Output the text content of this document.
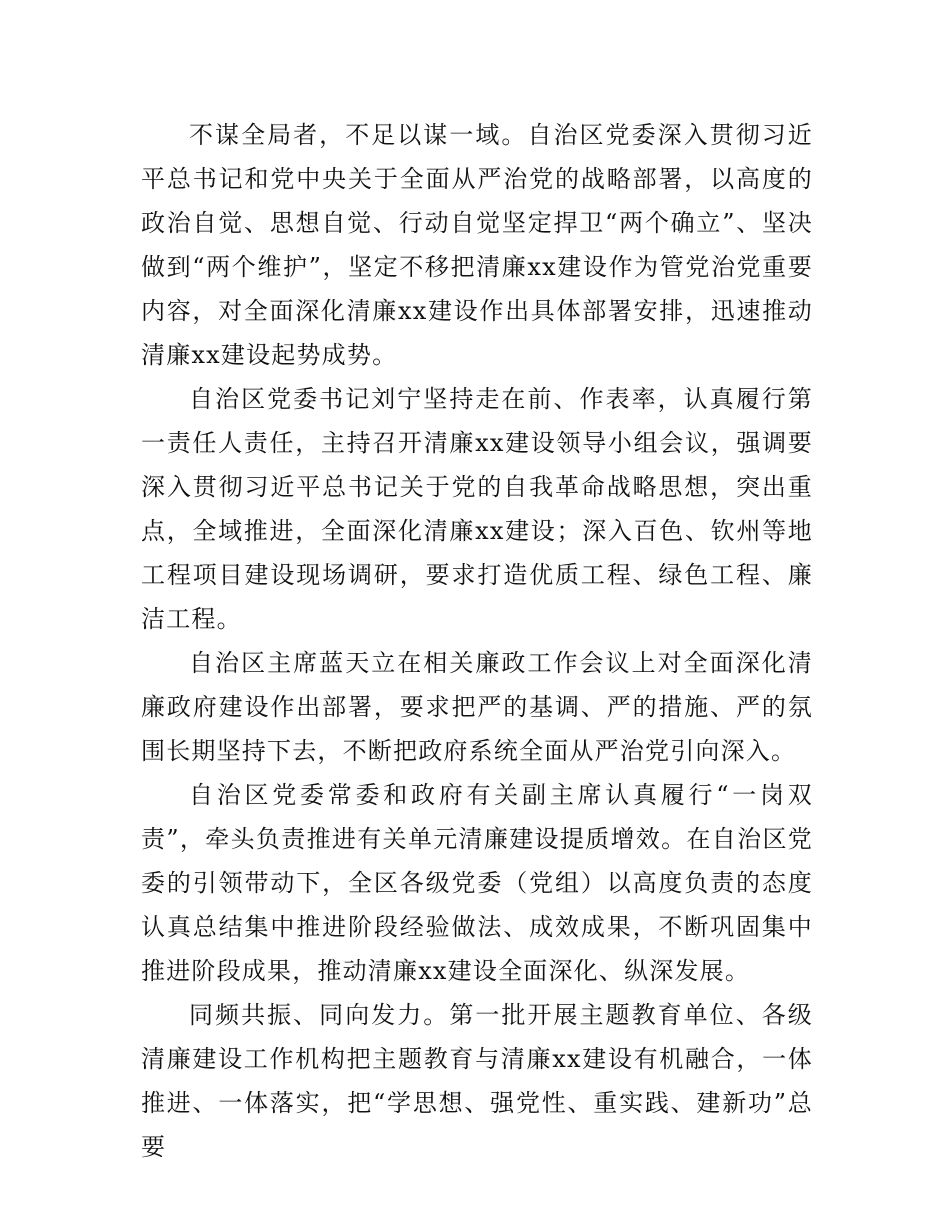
不谋全局者，不足以谋一域。自治区党委深入贯彻习近平总书记和党中央关于全面从严治党的战略部署，以高度的政治自觉、思想自觉、行动自觉坚定捍卫“两个确立”、坚决做到“两个维护”，坚定不移把清廉xx建设作为管党治党重要内容，对全面深化清廉xx建设作出具体部署安排，迅速推动清廉xx建设起势成势。

自治区党委书记刘宁坚持走在前、作表率，认真履行第一责任人责任，主持召开清廉xx建设领导小组会议，强调要深入贯彻习近平总书记关于党的自我革命战略思想，突出重点，全域推进，全面深化清廉xx建设；深入百色、钦州等地工程项目建设现场调研，要求打造优质工程、绿色工程、廉洁工程。

自治区主席蓝天立在相关廉政工作会议上对全面深化清廉政府建设作出部署，要求把严的基调、严的措施、严的氛围长期坚持下去，不断把政府系统全面从严治党引向深入。

自治区党委常委和政府有关副主席认真履行“一岗双责”，牵头负责推进有关单元清廉建设提质增效。在自治区党委的引领带动下，全区各级党委（党组）以高度负责的态度认真总结集中推进阶段经验做法、成效成果，不断巩固集中推进阶段成果，推动清廉xx建设全面深化、纵深发展。

同频共振、同向发力。第一批开展主题教育单位、各级清廉建设工作机构把主题教育与清廉xx建设有机融合，一体推进、一体落实，把“学思想、强党性、重实践、建新功”总要
